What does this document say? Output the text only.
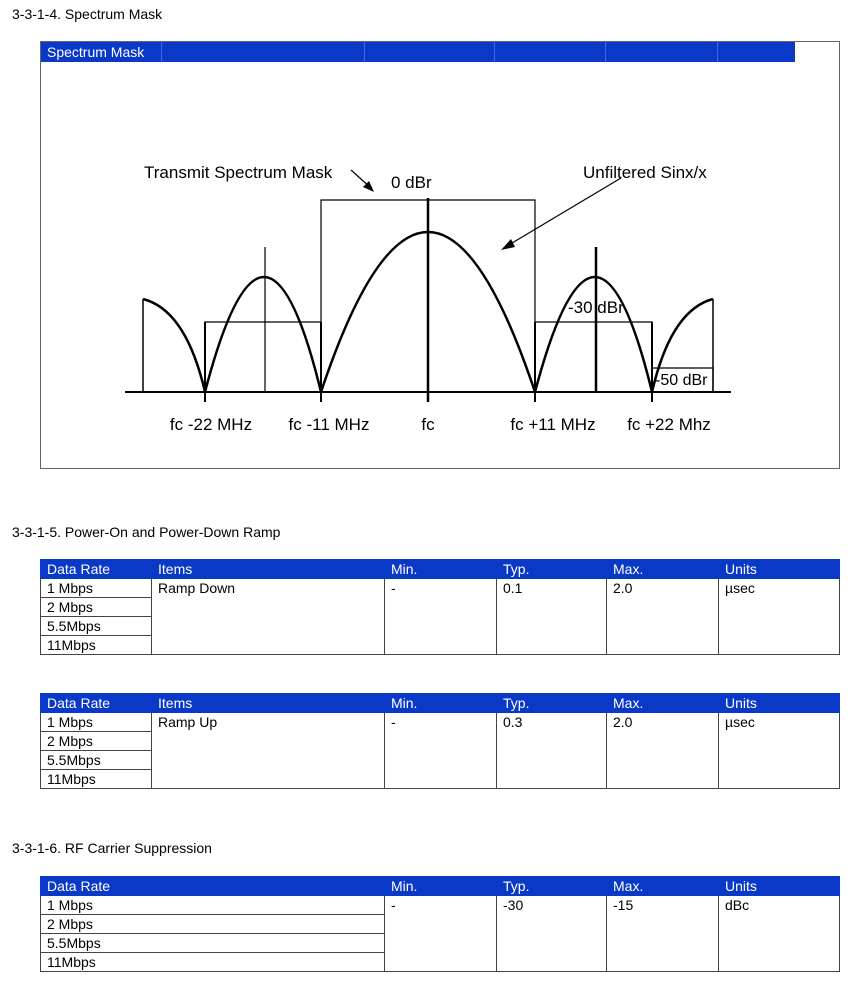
3-3-1-4. Spectrum Mask
Spectrum Mask
Transmit Spectrum Mask
0 dBr
Unfiltered Sinx/x
-30 dBr
-50 dBr
fc -22 MHz fc -11 MHz	fc	fc +11 MHz fc +22 Mhz
3-3-1-5. Power-On and Power-Down Ramp
Data Rate	Items	Min.	Typ.	Max.	Units
1 Mbps	Ramp Down	-	0.1	2.0	µsec
2 Mbps					
5.5Mbps					
11Mbps					
Data Rate	Items	Min.	Typ.	Max.	Units
1 Mbps	Ramp Up	-	0.3	2.0	µsec
2 Mbps					
5.5Mbps					
11Mbps					
3-3-1-6. RF Carrier Suppression
Data Rate	Min.	Typ.	Max.	Units
1 Mbps	-	-30	-15	dBc
2 Mbps				
5.5Mbps				
11Mbps				
